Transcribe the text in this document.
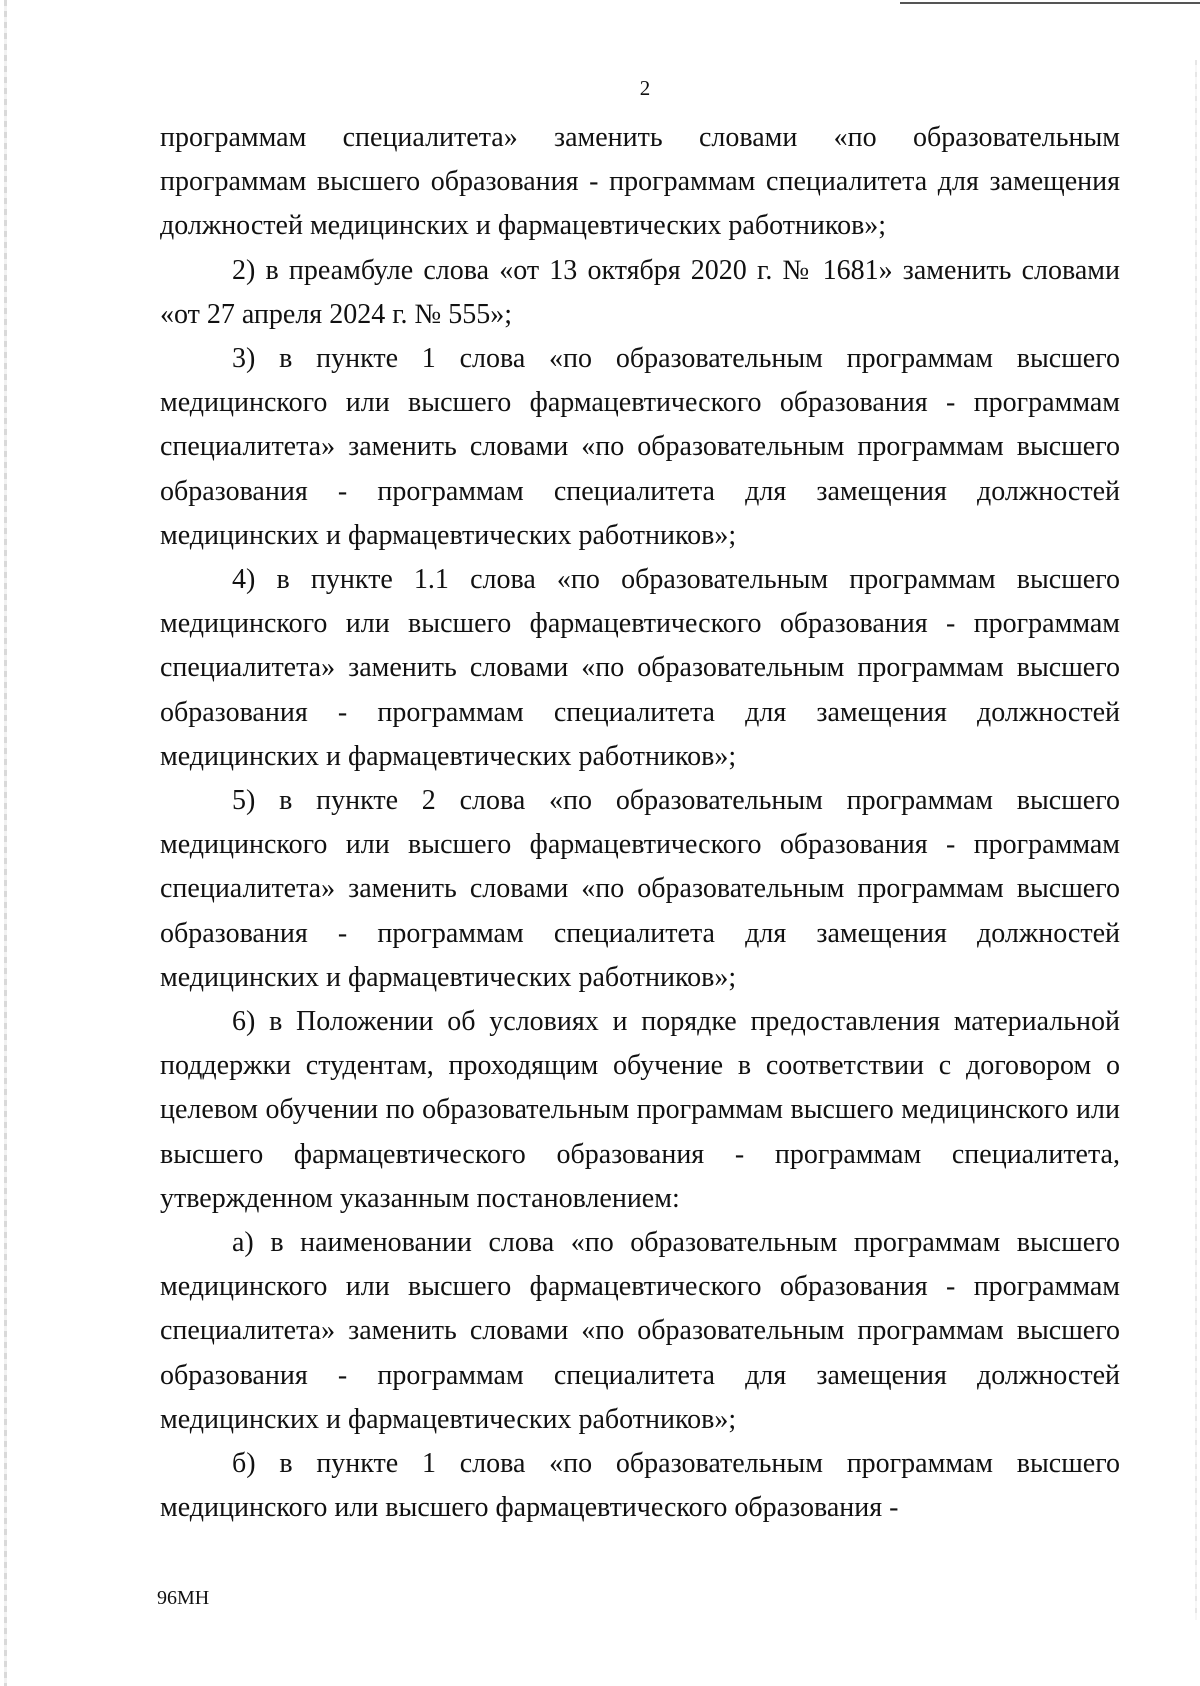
2

программам специалитета» заменить словами «по образовательным программам высшего образования - программам специалитета для замещения должностей медицинских и фармацевтических работников»;

2) в преамбуле слова «от 13 октября 2020 г. № 1681» заменить словами «от 27 апреля 2024 г. № 555»;

3) в пункте 1 слова «по образовательным программам высшего медицинского или высшего фармацевтического образования - программам специалитета» заменить словами «по образовательным программам высшего образования - программам специалитета для замещения должностей медицинских и фармацевтических работников»;

4) в пункте 1.1 слова «по образовательным программам высшего медицинского или высшего фармацевтического образования - программам специалитета» заменить словами «по образовательным программам высшего образования - программам специалитета для замещения должностей медицинских и фармацевтических работников»;

5) в пункте 2 слова «по образовательным программам высшего медицинского или высшего фармацевтического образования - программам специалитета» заменить словами «по образовательным программам высшего образования - программам специалитета для замещения должностей медицинских и фармацевтических работников»;

6) в Положении об условиях и порядке предоставления материальной поддержки студентам, проходящим обучение в соответствии с договором о целевом обучении по образовательным программам высшего медицинского или высшего фармацевтического образования - программам специалитета, утвержденном указанным постановлением:

а) в наименовании слова «по образовательным программам высшего медицинского или высшего фармацевтического образования - программам специалитета» заменить словами «по образовательным программам высшего образования - программам специалитета для замещения должностей медицинских и фармацевтических работников»;

б) в пункте 1 слова «по образовательным программам высшего медицинского или высшего фармацевтического образования -

96МН
